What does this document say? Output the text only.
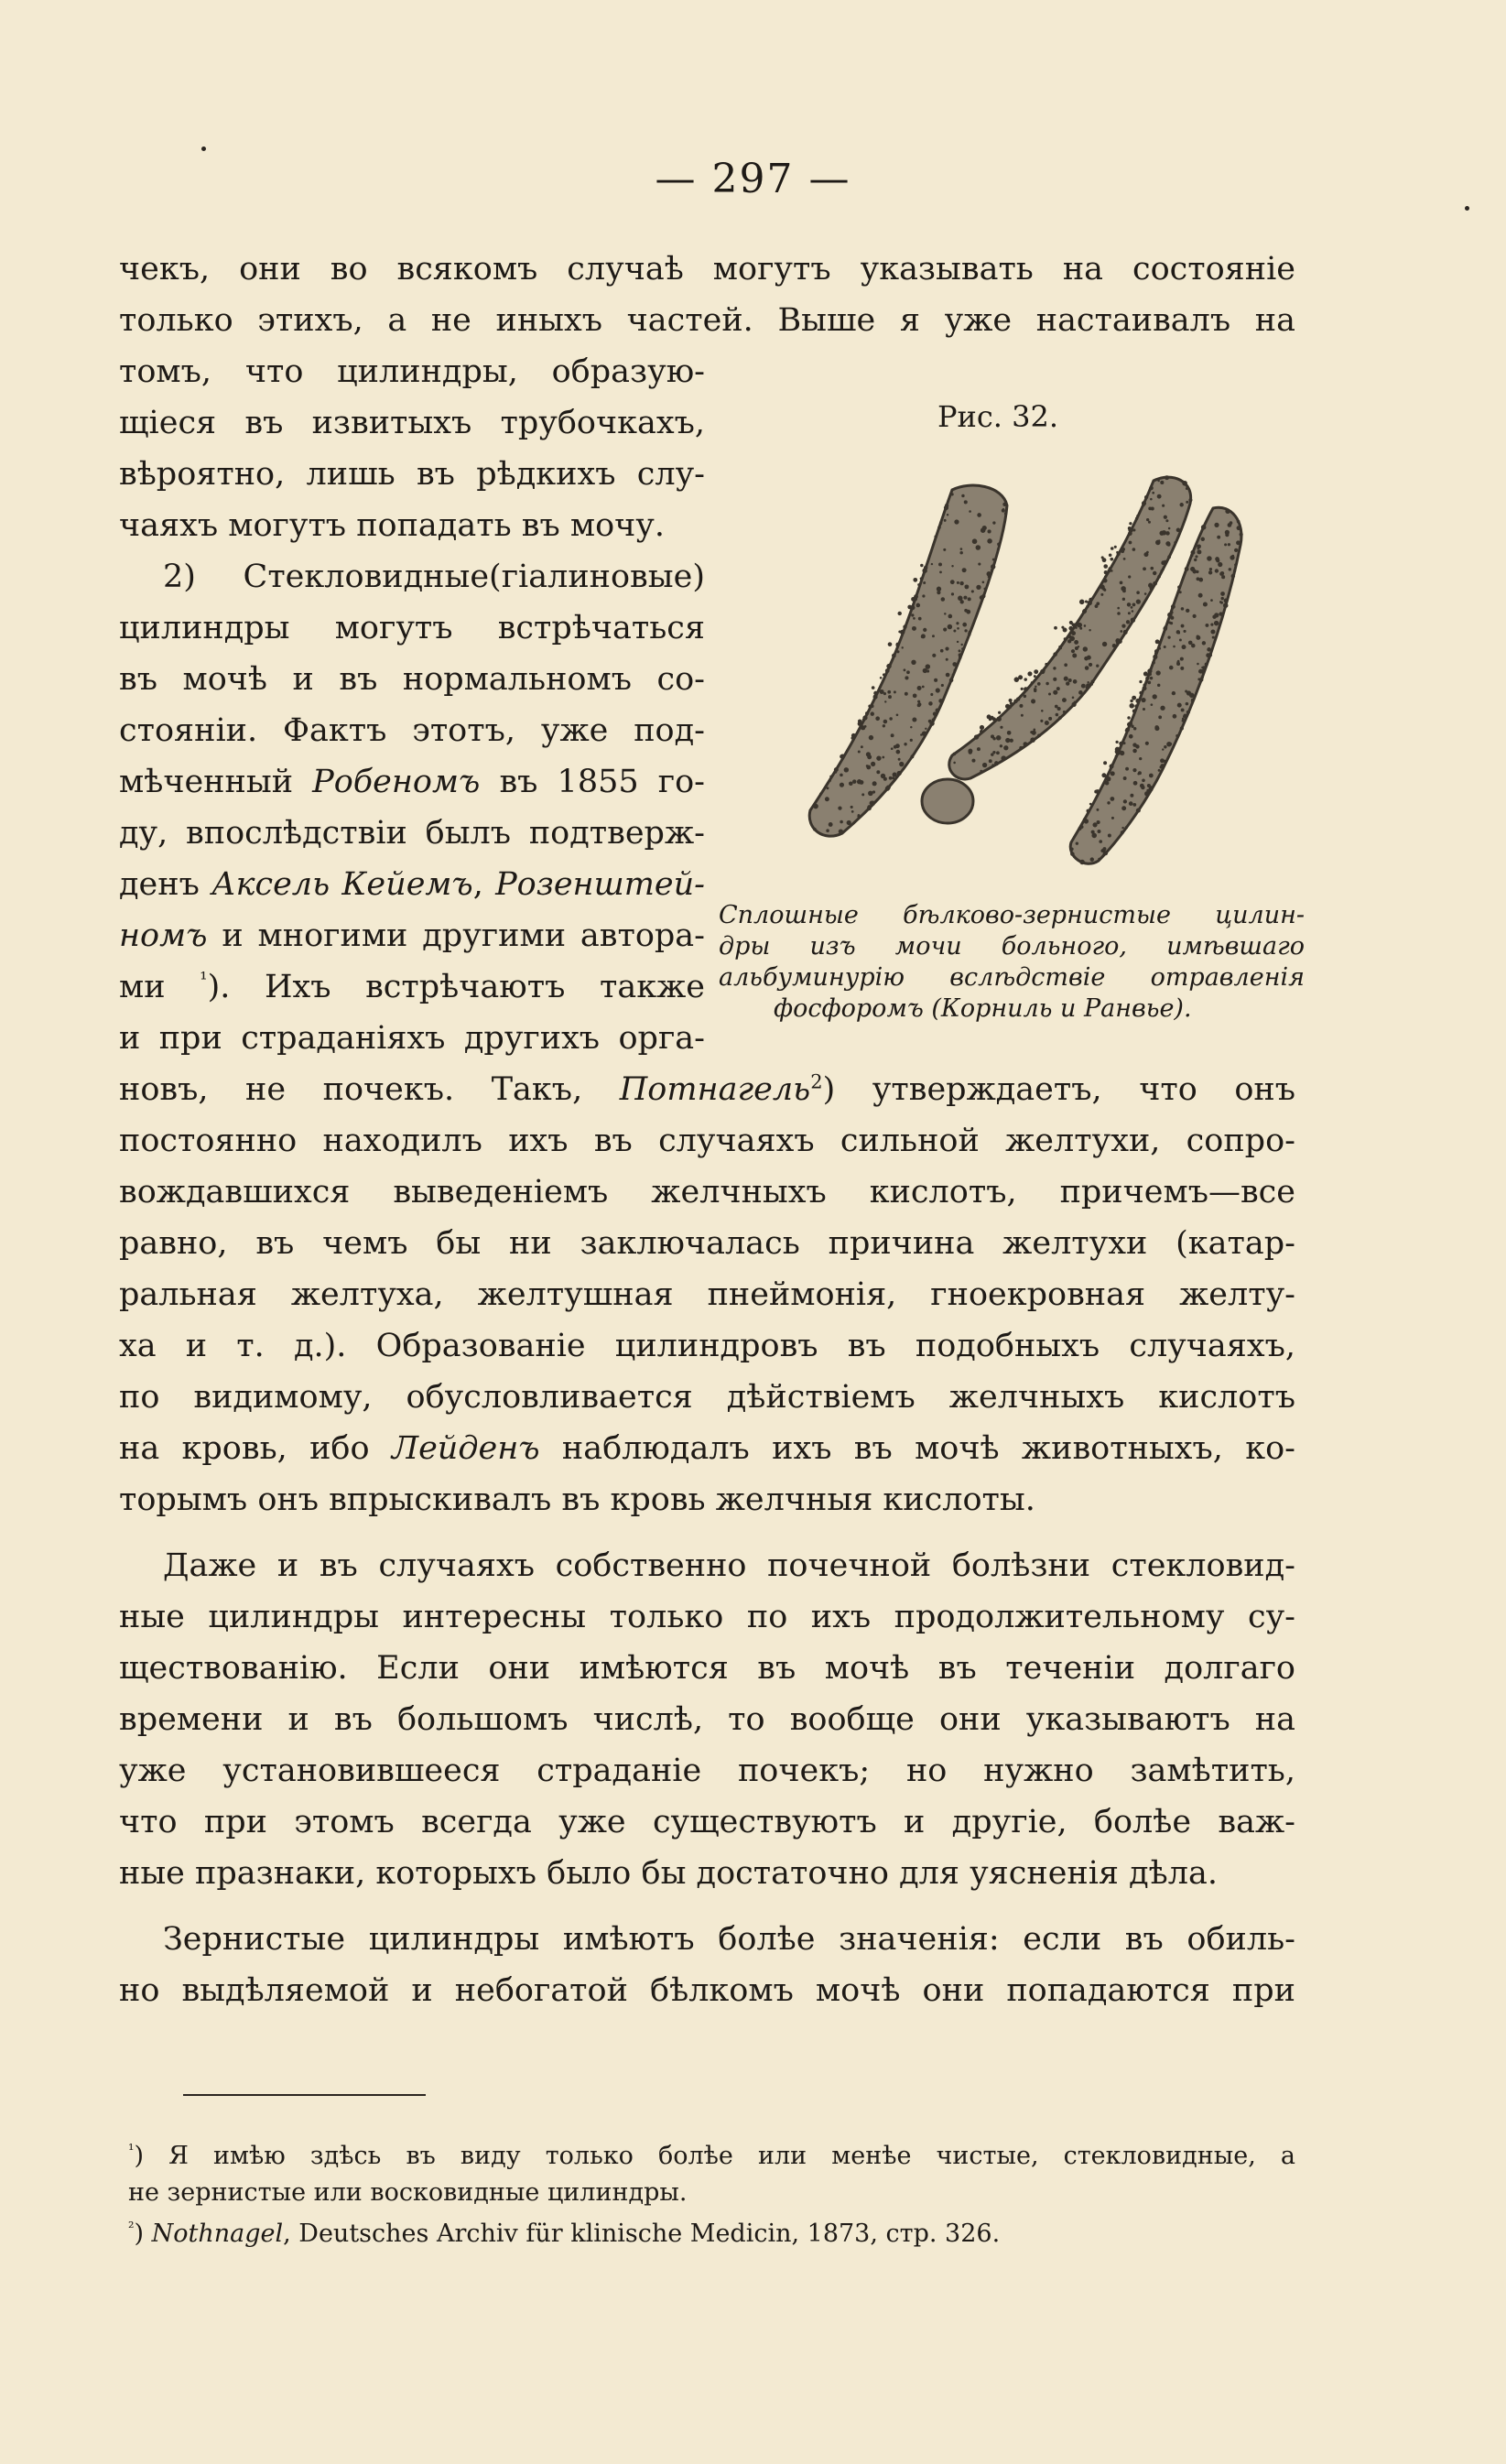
— 297 —
чекъ, они во всякомъ случаѣ могутъ указывать на состояніе
только этихъ, а не иныхъ частей. Выше я уже настаивалъ на
томъ, что цилиндры, образую-
щіеся въ извитыхъ трубочкахъ,
вѣроятно, лишь въ рѣдкихъ слу-
чаяхъ могутъ попадать въ мочу.
2) Стекловидные(гіалиновые)
цилиндры могутъ встрѣчаться
въ мочѣ и въ нормальномъ со-
стояніи. Фактъ этотъ, уже под-
мѣченный Робеномъ въ 1855 го-
ду, впослѣдствіи былъ подтверж-
денъ Аксель Кейемъ, Розенштей-
номъ и многими другими автора-
ми $^{^1}$). Ихъ встрѣчаютъ также
и при страданіяхъ другихъ орга-
Рис. 32.
Сплошные бѣлково-зернистые цилин-
дры изъ мочи больного, имѣвшаго
альбуминурію вслѣдствіе отравленія
фосфоромъ (Корниль и Ранвье).
новъ, не почекъ. Такъ, Потнагель$^2$) утверждаетъ, что онъ
постоянно находилъ ихъ въ случаяхъ сильной желтухи, сопро-
вождавшихся выведеніемъ желчныхъ кислотъ, причемъ—все
равно, въ чемъ бы ни заключалась причина желтухи (катар-
ральная желтуха, желтушная пнеймонія, гноекровная желту-
ха и т. д.). Образованіе цилиндровъ въ подобныхъ случаяхъ,
по видимому, обусловливается дѣйствіемъ желчныхъ кислотъ
на кровь, ибо Лейденъ наблюдалъ ихъ въ мочѣ животныхъ, ко-
торымъ онъ впрыскивалъ въ кровь желчныя кислоты.
Даже и въ случаяхъ собственно почечной болѣзни стекловид-
ные цилиндры интересны только по ихъ продолжительному су-
ществованію. Если они имѣются въ мочѣ въ теченіи долгаго
времени и въ большомъ числѣ, то вообще они указываютъ на
уже установившееся страданіе почекъ; но нужно замѣтить,
что при этомъ всегда уже существуютъ и другіе, болѣе важ-
ные празнаки, которыхъ было бы достаточно для уясненія дѣла.
Зернистые цилиндры имѣютъ болѣе значенія: если въ обиль-
но выдѣляемой и небогатой бѣлкомъ мочѣ они попадаются при
$^{^1}$) Я имѣю здѣсь въ виду только болѣе или менѣе чистые, стекловидные, а
не зернистые или восковидные цилиндры.
$^{^2}$) Nothnagel, Deutsches Archiv für klinische Medicin, 1873, стр. 326.
